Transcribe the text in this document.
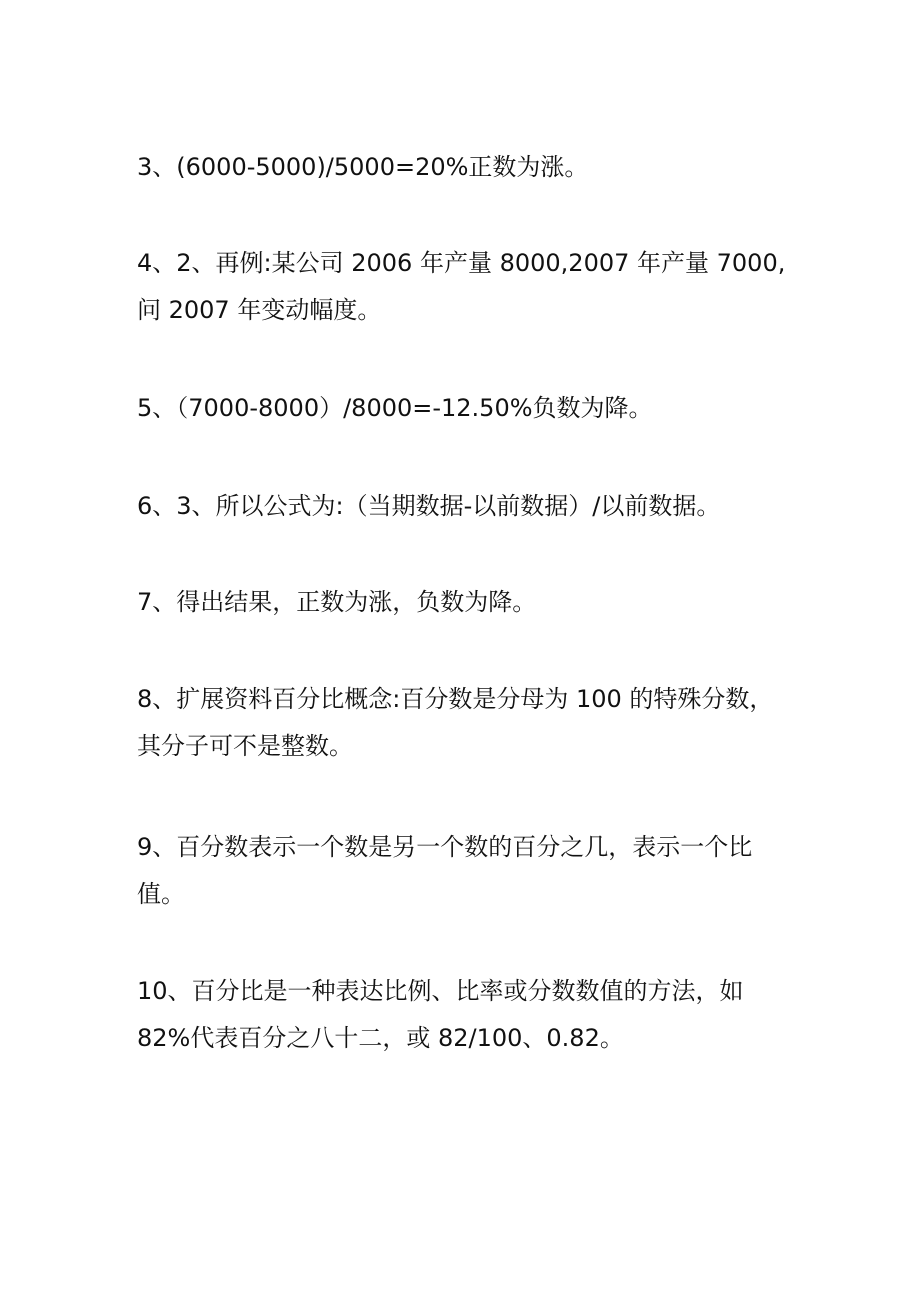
3、(6000-5000)/5000=20%正数为涨。

4、2、再例:某公司 2006 年产量 8000,2007 年产量 7000,
问 2007 年变动幅度。

5、（7000-8000）/8000=-12.50%负数为降。

6、3、所以公式为:（当期数据-以前数据）/以前数据。

7、得出结果，正数为涨，负数为降。

8、扩展资料百分比概念:百分数是分母为 100 的特殊分数，
其分子可不是整数。

9、百分数表示一个数是另一个数的百分之几，表示一个比
值。

10、百分比是一种表达比例、比率或分数数值的方法，如
82%代表百分之八十二，或 82/100、0.82。
